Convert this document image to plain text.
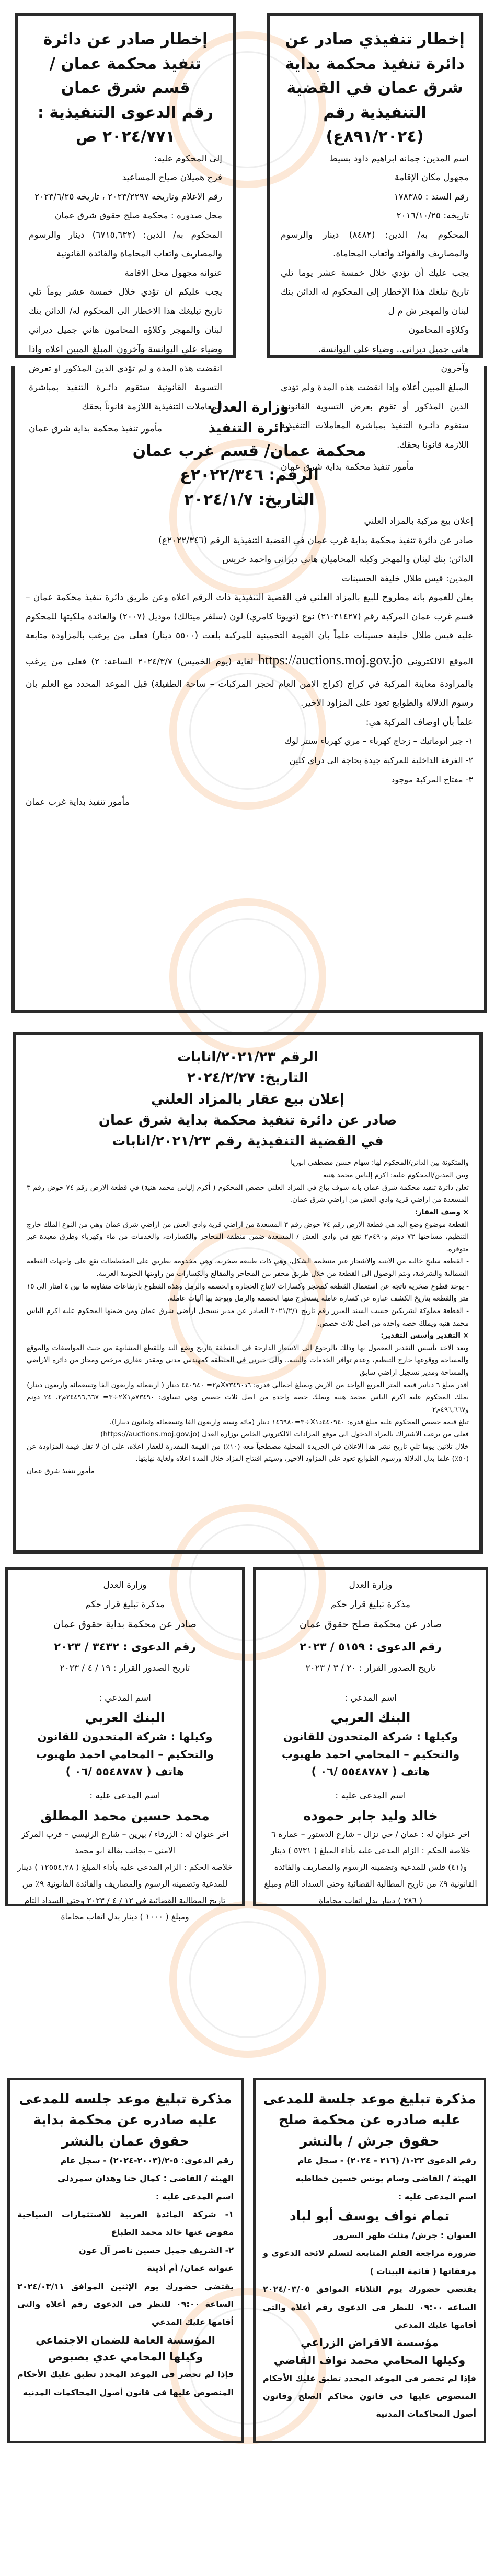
إخطار تنفيذي صادر عن دائرة تنفيذ محكمة بداية شرق عمان في القضية التنفيذية رقم
(٨٩١/٢٠٢٤ع)

اسم المدين: جمانه ابراهيم داود بسيط

مجهول مكان الإقامة

رقم السند : ١٧٨٣٨٥

تاريخه: ٢٠١٦/١٠/٢٥

المحكوم به/ الدين: (٨٤٨٢) دينار والرسوم والمصاريف والفوائد وأتعاب المحاماة.

يجب عليك أن تؤدي خلال خمسة عشر يوما تلي تاريخ تبلغك هذا الإخطار إلى المحكوم له الدائن بنك لبنان والمهجر ش م ل

وكلاؤه المحامون

هاني جميل ديراني.. وضياء علي اليوانسة.

وآخرون

المبلغ المبين أعلاه وإذا انقضت هذه المدة ولم تؤدي الدين المذكور أو تقوم بعرض التسوية القانونية ستقوم دائـرة التنفيذ بمباشرة المعاملات التنفيذية اللازمة قانونا بحقك.

مأمور تنفيذ محكمة بداية شرق عمان

إخطار صادر عن دائرة تنفيذ محكمة عمان / قسم شرق عمان
رقم الدعوى التنفيذية :
٢٠٢٤/٧٧١ ص

إلى المحكوم عليه:

فرج هميلان صياح المساعيد

رقم الاعلام وتاريخه ٢٠٢٣/٢٢٩٧ ، تاريخه ٢٠٢٣/٦/٢٥

محل صدوره : محكمة صلح حقوق شرق عمان

المحكوم به/ الدين: (٦٧١٥,٦٣٢) دينار والرسوم والمصاريف واتعاب المحاماة والفائدة القانونية

عنوانه مجهول محل الاقامة

يجب عليكم ان تؤدي خلال خمسة عشر يوماً تلي تاريخ تبليغك هذا الاخطار الى المحكوم له/ الدائن بنك لبنان والمهجر وكلاؤه المحامون هاني جميل ديراني وضياء علي اليوانسة وآخرون المبلغ المبين اعلاه واذا انقضت هذه المدة و لم تؤدي الدين المذكور او تعرض التسوية القانونية ستقوم دائـرة التنفيذ بمباشرة المعاملات التنفيذية اللازمة قانوناً بحقك

مأمور تنفيذ محكمة بداية شرق عمان

وزارة العدل
دائرة التنفيذ
محكمة عمان/ قسم غرب عمان
الرقم: ٢٠٢٢/٣٤٦ع
التاريخ: ٢٠٢٤/١/٧

إعلان بيع مركبة بالمزاد العلني

صادر عن دائرة تنفيذ محكمة بداية غرب عمان في القضية التنفيذية الرقم (٢٠٢٢/٣٤٦ع)

الدائن: بنك لبنان والمهجر وكيله المحاميان هاني ديراني واحمد خريس

المدين: قيس طلال خليفة الحسينات

يعلن للعموم بانه مطروح للبيع بالمزاد العلني في القضية التنفيذية ذات الرقم اعلاه وعن طريق دائرة تنفيذ محكمة عمان – قسم غرب عمان المركبة رقم (٣١٤٢٧-٢١) نوع (تويوتا كامري) لون (سلفر ميتالك) موديل (٢٠٠٧) والعائدة ملكيتها للمحكوم عليه قيس طلال خليفة حسينات علماً بان القيمة التخمينية للمركبة بلغت (٥٥٠٠ دينار) فعلى من يرغب بالمزاودة متابعة الموقع الالكتروني https://auctions.moj.gov.jo لغاية (يوم الخميس) ٢٠٢٤/٣/٧ الساعة: ٢) فعلى من يرغب بالمزاودة معاينة المركبة في كراج (كراج الامن العام لحجز المركبات – ساحة الطفيلة) قبل الموعد المحدد مع العلم بان رسوم الدلالة والطوابع تعود على المزاود الاخير.

علماً بأن اوصاف المركبة هي:

١- جير اتوماتيك – زجاج كهرباء – مري كهرباء سنتر لوك

٢- الغرفة الداخلية للمركبة جيدة بحاجة الى دراي كلين

٣- مفتاح المركبة موجود

مأمور تنفيذ بداية غرب عمان

الرقم ٢٠٢١/٢٣/انابات
التاريخ: ٢٠٢٤/٢/٢٧
إعلان بيع عقار بالمزاد العلني
صادر عن دائرة تنفيذ محكمة بداية شرق عمان
في القضية التنفيذية رقم ٢٠٢١/٢٣/انابات

والمتكونة بين الدائن/المحكوم لها: سهام حسن مصطفى ابوريا

وبين المدين/المحكوم عليه: اكرم إلياس محمد هنية

تعلن دائرة تنفيذ محكمة شرق عمان بانه سوف يباع في المزاد العلني حصص المحكوم ( أكرم إلياس محمد هنية) في قطعة الارض رقم ٧٤ حوض رقم ٣ المسعدة من اراضي قرية وادي العش من اراضي شرق عمان.

× وصف العقار:

القطعة موضوع وضع اليد هي قطعة الارض رقم ٧٤ حوض رقم ٣ المسعدة من اراضي قرية وادي العش من اراضي شرق عمان وهي من النوع الملك خارج التنظيم، مساحتها ٧٣ دونم و٤٩٠م٢ تقع في وادي العش / المسعدة ضمن منطقة المحاجر والكسارات، والخدمات من ماء وكهرباء وطرق معبدة غير متوفرة.

- القطعة سليخ خالية من الابنية والاشجار غير منتظمة الشكل، وهي ذات طبيعة صخرية، وهي مخدومة بطريق على المخططات تقع على واجهات القطعة الشمالية والشرقية، ويتم الوصول الى القطعة من خلال طريق محفر بين المحاجر والمقالع والكسارات من زاويتها الجنوبية الغربية.

- يوجد قطوع صخرية ناتجة عن استعمال القطعة كمحجر وكسارات لانتاج الحجارة والحصمة والرمل وهذه القطوع بارتفاعات متفاوتة ما بين ٤ امتار الى ١٥ متر والقطعة بتاريخ الكشف عبارة عن كسارة عاملة يستخرج منها الحصمة والرمل ويوجد بها آليات عاملة.

- القطعة مملوكة لشريكين حسب السند المبرز رقم تاريخ ٢٠٢١/٢/١ الصادر عن مدير تسجيل اراضي شرق عمان ومن ضمنها المحكوم عليه اكرم الياس محمد هنية ويملك حصة واحدة من اصل ثلاث حصص.

× التقدير وأسس التقدير:

وبعد الاخذ بأسس التقدير المعمول بها وذلك بالرجوع الى الاسعار الدارجة في المنطقة بتاريخ وضع اليد وللقطع المشابهة من حيث المواصفات والموقع والمساحة ووقوعها خارج التنظيم، وعدم توافر الخدمات والبنية.. والى خبرتي في المنطقة كمهندس مدني ومقدر عقاري مرخص ومجاز من دائرة الاراضي والمساحة ومدير تسجيل اراضي سابق

اقدر مبلغ ٦ دنانير قيمة المتر المربع الواحد من الارض وبمبلغ اجمالي قدره: ٦دX٧٣٤٩٠م٢= ٤٤٠٩٤٠ دينار ( اربعمائة واربعون الفا وتسعمائة واربعون دينار)

يملك المحكوم عليه اكرم الياس محمد هنية ويملك حصة واحدة من اصل ثلاث حصص وهي تساوي: ٧٣٤٩٠م٢X١÷٣= ٢٤٤٩٦,٦٦٧م٢، ٢٤ دونم و٤٩٦,٦٦٧م٢

تبلغ قيمة حصص المحكوم عليه مبلغ قدره: ٤٤٠٩٤٠دX١÷٣=١٤٦٩٨٠ دينار (مائة وستة واربعون الفا وتسعمائة وثمانون دينارا).

فعلى من يرغب الاشتراك بالمزاد الدخول الى موقع المزادات الالكتروني الخاص بوزارة العدل (https://auctions.moj.gov.jo)

خلال ثلاثين يوما تلي تاريخ نشر هذا الاعلان في الجريدة المحلية مصطحباً معه (١٠٪) من القيمة المقدرة للعقار اعلاه، على ان لا تقل قيمة المزاودة عن (٥٠٪) علما بدل الدلالة ورسوم الطوابع تعود على المزاود الاخير، وسيتم افتتاح المزاد خلال المدة اعلاه ولغاية نهايتها.

مأمور تنفيذ شرق عمان

وزارة العدل

مذكرة تبليغ قرار حكم

صادر عن محكمة صلح حقوق عمان

رقم الدعوى : ٥١٥٩ / ٢٠٢٣

تاريخ الصدور القرار : ٢٠ / ٣ / ٢٠٢٣

اسم المدعي :

البنك العربي

وكيلها : شركة المتحدون للقانون والتحكيم – المحامي احمد طهبوب

هاتف ( ٥٥٤٨٧٨٧ /٠٦ )

اسم المدعى عليه :

خالد وليد جابر حموده

اخر عنوان له : عمان / حي نزال – شارع الدستور – عمارة ٦

خلاصة الحكم : الزام المدعى عليه بأداء المبلغ ( ٥٧٣١ ) دينار و(٤١) فلس للمدعية وتضمينه الرسوم والمصاريف والفائدة القانونية ٩٪ من تاريخ المطالبة القضائية وحتى السداد التام ومبلغ ( ٢٨٦ ) دينار بدل اتعاب محاماة

وزارة العدل

مذكرة تبليغ قرار حكم

صادر عن محكمة بداية حقوق عمان

رقم الدعوى : ٣٤٣٢ / ٢٠٢٣

تاريخ الصدور القرار : ١٩ / ٤ / ٢٠٢٣

اسم المدعي :

البنك العربي

وكيلها : شركة المتحدون للقانون والتحكيم – المحامي احمد طهبوب

هاتف ( ٥٥٤٨٧٨٧ /٠٦ )

اسم المدعى عليه :

محمد حسين محمد المطلق

اخر عنوان له : الزرقاء / بيرين – شارع الرئيسي – قرب المركز الامني – بجانب بقالة ابو محمد

خلاصة الحكم : الزام المدعى عليه بأداء المبلغ ( ١٢٥٥٤,٢٨ ) دينار للمدعية وتضمينه الرسوم والمصاريف والفائدة القانونية ٩٪ من تاريخ المطالبة القضائية في ١٢ / ٤ / ٢٠٢٣ وحتى السداد التام ومبلغ ( ١٠٠٠ ) دينار بدل اتعاب محاماة

مذكرة تبليغ موعد جلسة للمدعى عليه صادره عن محكمة صلح حقوق جرش / بالنشر

رقم الدعوى ٢٢-١/ (٢١٦ - ٢٠٢٤) - سجل عام

الهيئة / القاضي وسام يونس حسين خطاطبه

اسم المدعى عليه :

تمام نواف يوسف أبو لباد

العنوان : جرش/ مثلث ظهر السرور

ضرورة مراجعة القلم المتابعة لتسلم لائحة الدعوى و مرفقاتها ( قائمة البينات )

يقتضي حضورك يوم الثلاثاء الموافق ٢٠٢٤/٠٣/٠٥ الساعة ٠٩:٠٠ للنظر في الدعوى رقم أعلاه والتي أقامها عليك المدعي

مؤسسة الاقراض الزراعي

وكيلها المحامي محمد نواف القاضي

فإذا لم تحضر في الموعد المحدد تطبق عليك الأحكام المنصوص عليها في قانون محاكم الصلح وقانون أصول المحاكمات المدنية

مذكرة تبليغ موعد جلسه للمدعى عليه صادره عن محكمة بداية حقوق عمان بالنشر

رقم الدعوى: ٥-٢/(٢٠٠٣-٢٠٢٤) - سجل عام

الهيئة / القاضي : كمال حنا وهدان سمردلي

اسم المدعى عليه :

١- شركة المائدة العربية للاستثمارات السياحية مفوض عنها خالد محمد الطباع

٢- الشريف جميل حسين ناصر آل عون

عنوانه عمان/ أم أذينة

يقتضي حضورك يوم الإثنين الموافق ٢٠٢٤/٠٣/١١ الساعة ٠٩:٠٠ للنظر في الدعوى رقم أعلاه والتي أقامها عليك المدعي

المؤسسة العامة للضمان الاجتماعي

وكيلها المحامي عدي بصبوص

فإذا لم تحضر في الموعد المحدد تطبق عليك الأحكام المنصوص عليها في قانون أصول المحاكمات المدنيه
